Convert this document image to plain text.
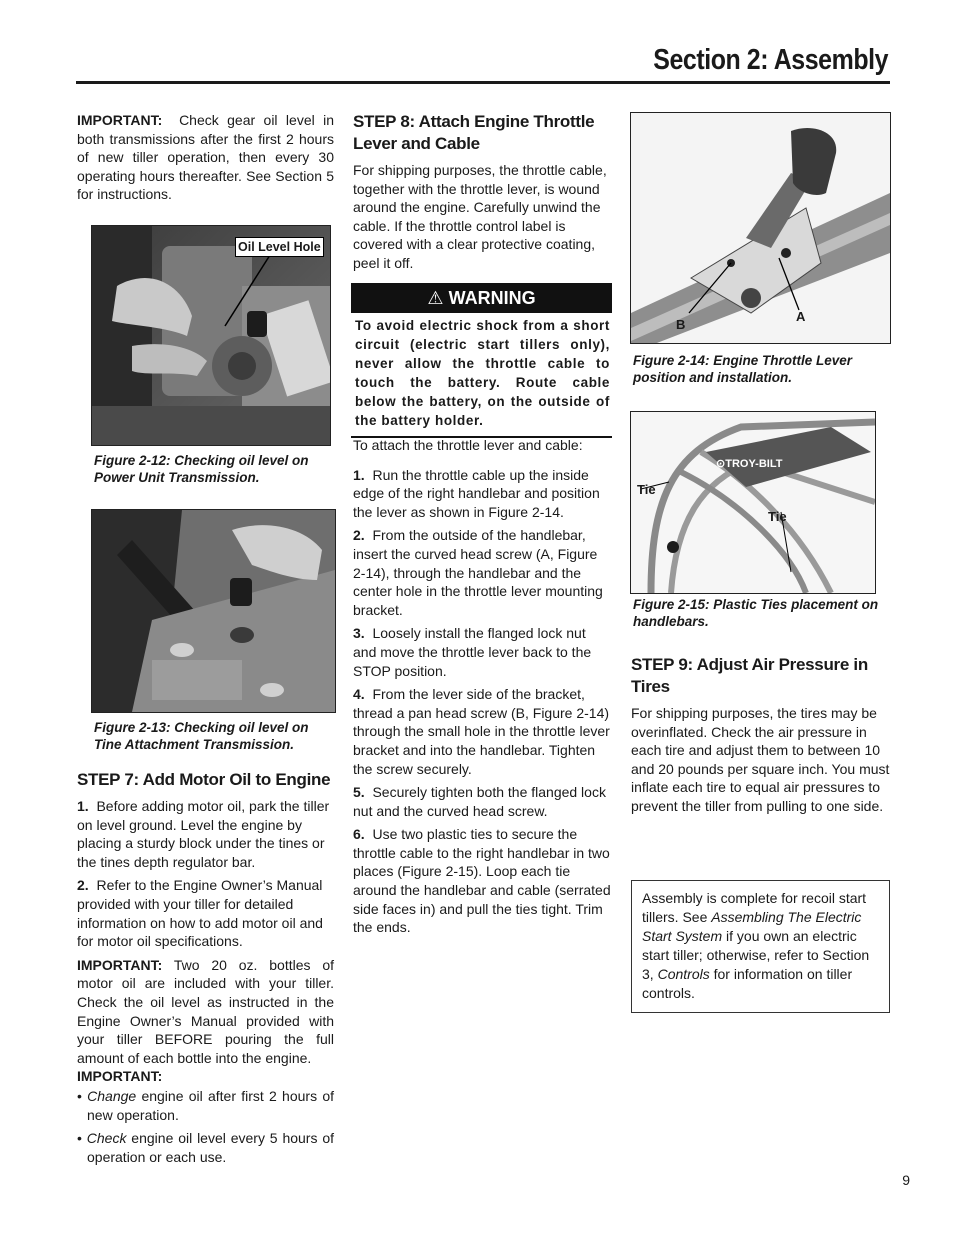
Section 2: Assembly

IMPORTANT: Check gear oil level in both transmissions after the first 2 hours of new tiller operation, then every 30 operating hours thereafter. See Section 5 for instructions.

Oil Level Hole
Figure 2-12: Checking oil level on Power Unit Transmission.
Figure 2-13: Checking oil level on Tine Attachment Transmission.
STEP 7: Add Motor Oil to Engine

1. Before adding motor oil, park the tiller on level ground. Level the engine by placing a sturdy block under the tines or the tines depth regulator bar.

2. Refer to the Engine Owner’s Manual provided with your tiller for detailed information on how to add motor oil and for motor oil specifications.

IMPORTANT: Two 20 oz. bottles of motor oil are included with your tiller. Check the oil level as instructed in the Engine Owner’s Manual provided with your tiller BEFORE pouring the full amount of each bottle into the engine.

IMPORTANT:

• Change engine oil after first 2 hours of new operation.

• Check engine oil level every 5 hours of operation or each use.

STEP 8: Attach Engine Throttle Lever and Cable

For shipping purposes, the throttle cable, together with the throttle lever, is wound around the engine. Carefully unwind the cable. If the throttle control label is covered with a clear protective coating, peel it off.

⚠ WARNING
To avoid electric shock from a short circuit (electric start tillers only), never allow the throttle cable to touch the battery. Route cable below the battery, on the outside of the battery holder.

To attach the throttle lever and cable:

1. Run the throttle cable up the inside edge of the right handlebar and position the lever as shown in Figure 2-14.

2. From the outside of the handlebar, insert the curved head screw (A, Figure 2-14), through the handlebar and the center hole in the throttle lever mounting bracket.

3. Loosely install the flanged lock nut and move the throttle lever back to the STOP position.

4. From the lever side of the bracket, thread a pan head screw (B, Figure 2-14) through the small hole in the throttle lever bracket and into the handlebar. Tighten the screw securely.

5. Securely tighten both the flanged lock nut and the curved head screw.

6. Use two plastic ties to secure the throttle cable to the right handlebar in two places (Figure 2-15). Loop each tie around the handlebar and cable (serrated side faces in) and pull the ties tight. Trim the ends.

B
A
Figure 2-14: Engine Throttle Lever position and installation.
⊙TROY-BILT
Tie
Tie
Figure 2-15: Plastic Ties placement on handlebars.
STEP 9: Adjust Air Pressure in Tires

For shipping purposes, the tires may be overinflated. Check the air pressure in each tire and adjust them to between 10 and 20 pounds per square inch. You must inflate each tire to equal air pressures to prevent the tiller from pulling to one side.

Assembly is complete for recoil start tillers. See Assembling The Electric Start System if you own an electric start tiller; otherwise, refer to Section 3, Controls for information on tiller controls.
9
